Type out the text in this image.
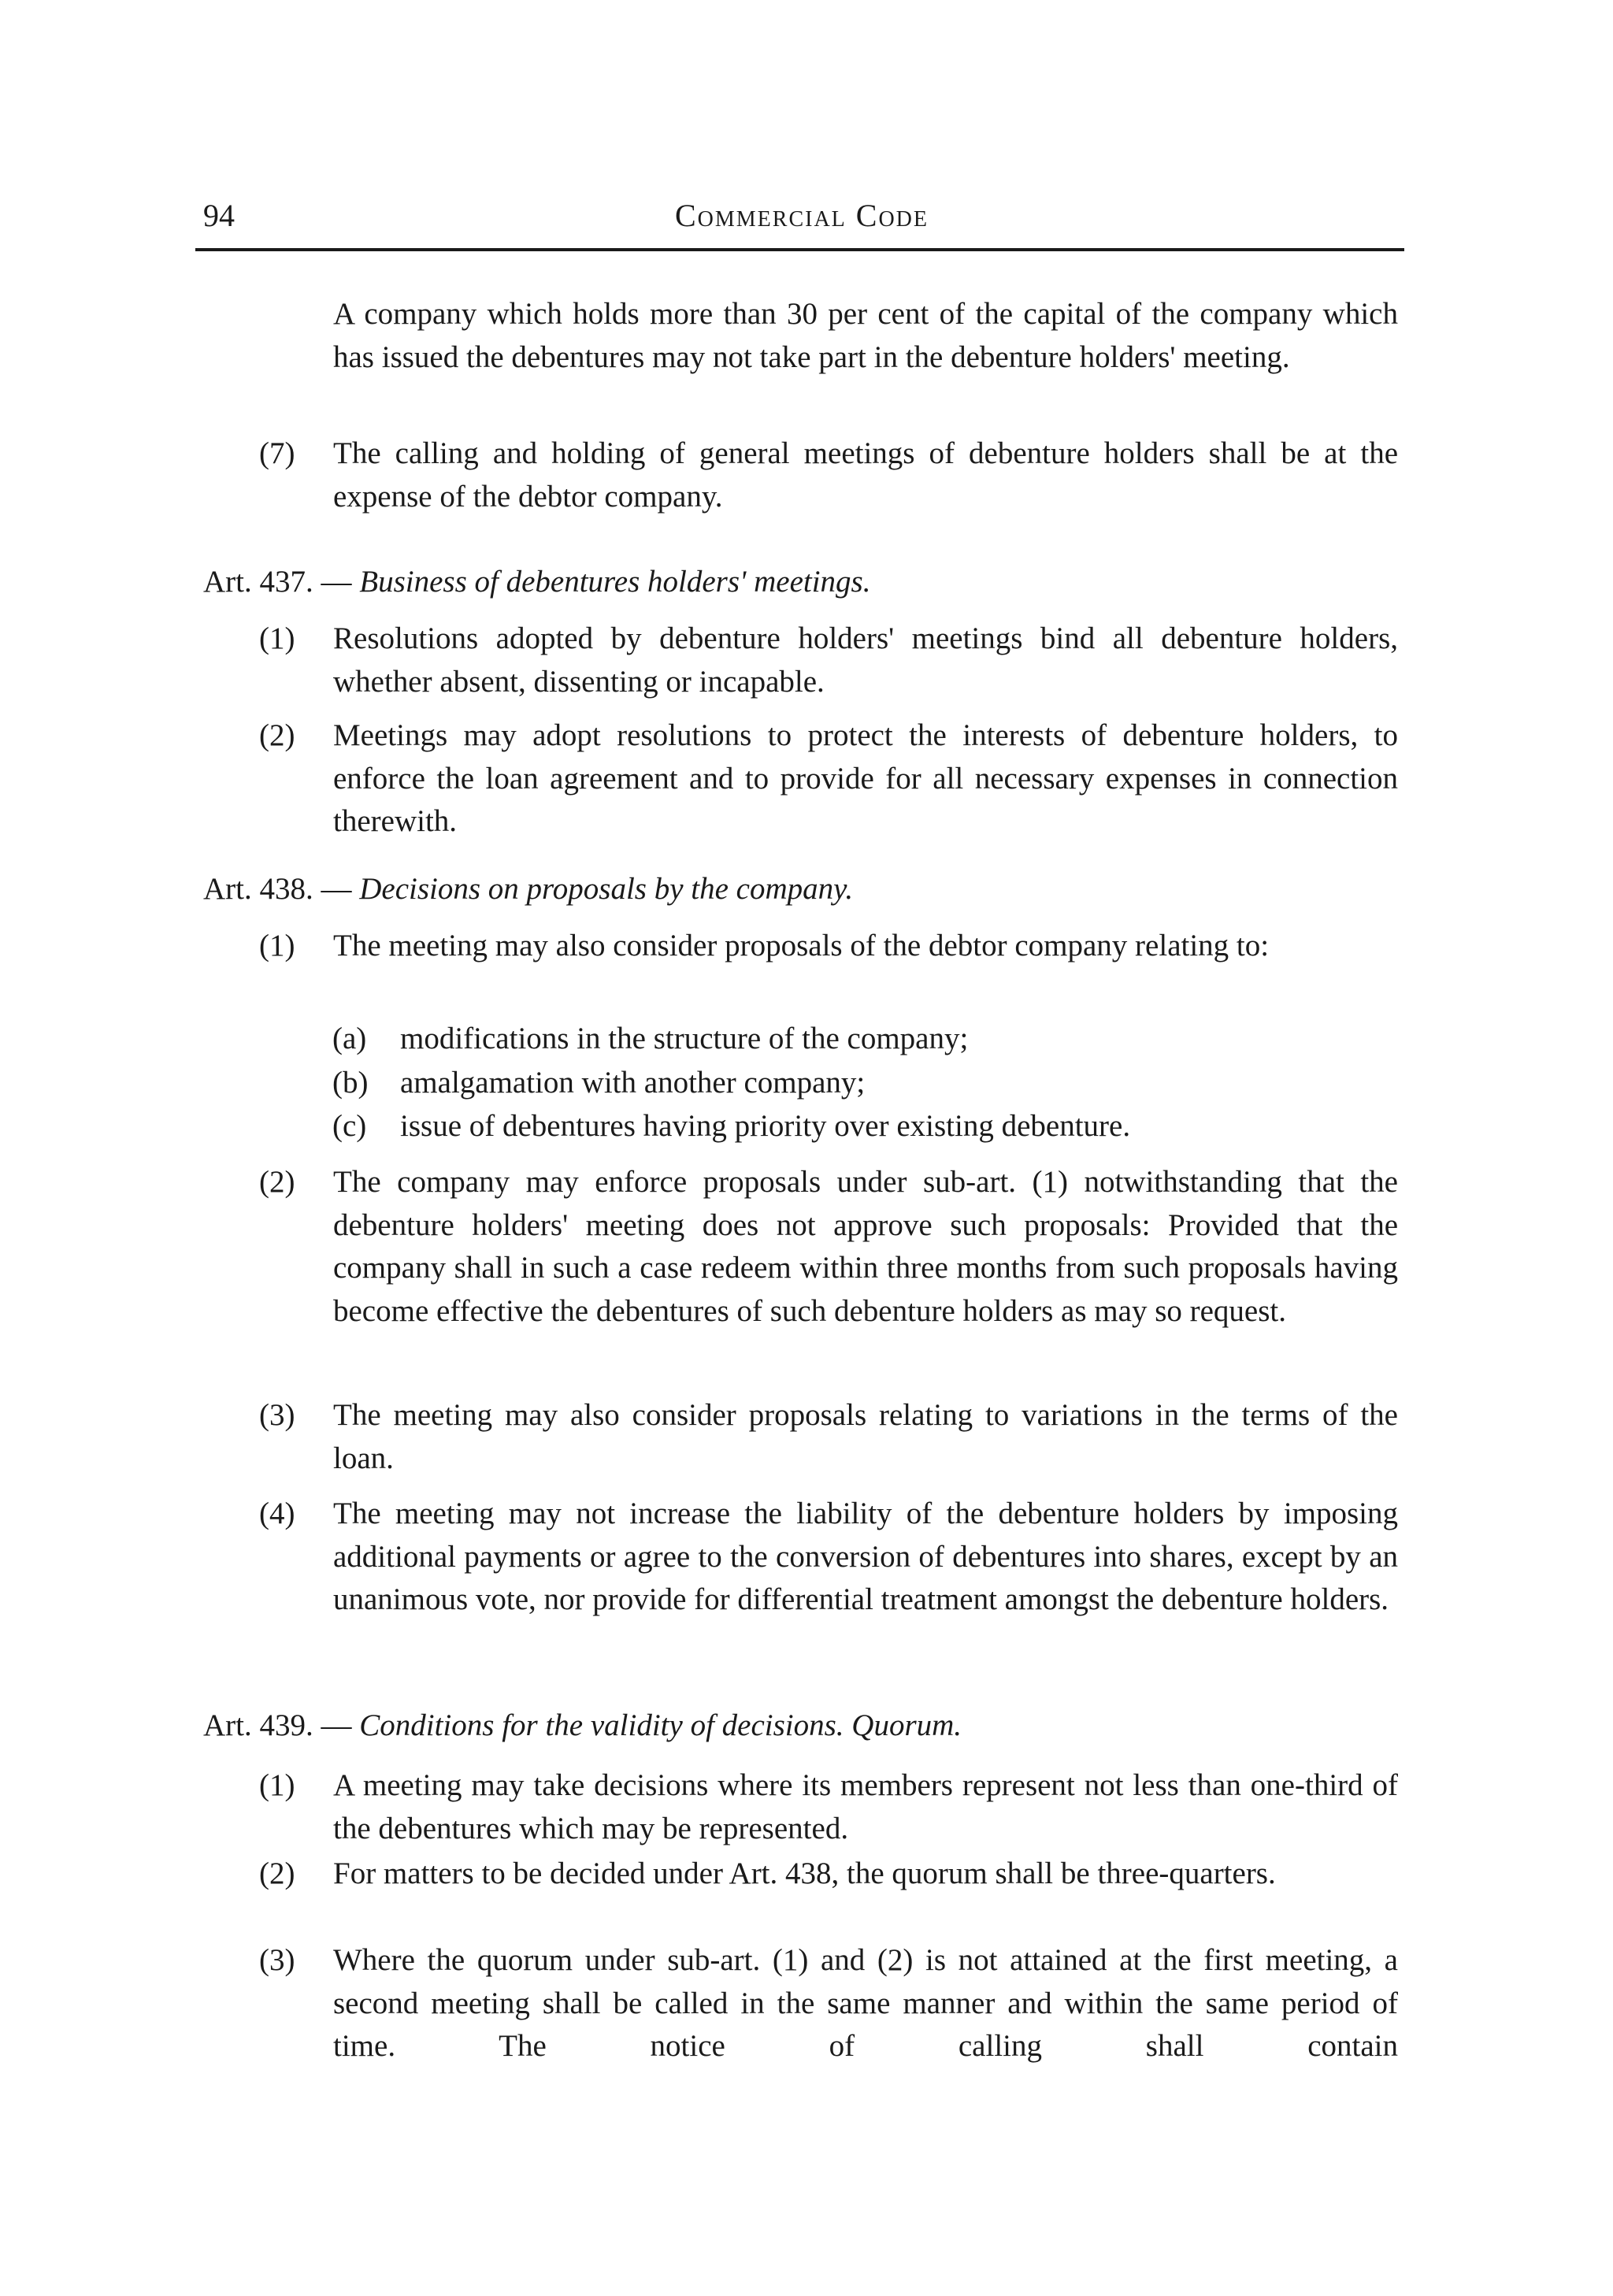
94	Commercial Code
A company which holds more than 30 per cent of the capital of the company which has issued the debentures may not take part in the debenture holders' meeting.
(7)	The calling and holding of general meetings of debenture holders shall be at the expense of the debtor company.
Art. 437. — Business of debentures holders' meetings.
(1)	Resolutions adopted by debenture holders' meetings bind all debenture holders, whether absent, dissenting or incapable.
(2)	Meetings may adopt resolutions to protect the interests of debenture holders, to enforce the loan agreement and to provide for all necessary expenses in connection therewith.
Art. 438. — Decisions on proposals by the company.
(1)	The meeting may also consider proposals of the debtor company relating to:
(a)	modifications in the structure of the company;
(b)	amalgamation with another company;
(c)	issue of debentures having priority over existing debenture.
(2)	The company may enforce proposals under sub-art. (1) notwithstanding that the debenture holders' meeting does not approve such proposals: Provided that the company shall in such a case redeem within three months from such proposals having become effective the debentures of such debenture holders as may so request.
(3)	The meeting may also consider proposals relating to variations in the terms of the loan.
(4)	The meeting may not increase the liability of the debenture holders by imposing additional payments or agree to the conversion of debentures into shares, except by an unanimous vote, nor provide for differential treatment amongst the debenture holders.
Art. 439. — Conditions for the validity of decisions. Quorum.
(1)	A meeting may take decisions where its members represent not less than one-third of the debentures which may be represented.
(2)	For matters to be decided under Art. 438, the quorum shall be three-quarters.
(3)	Where the quorum under sub-art. (1) and (2) is not attained at the first meeting, a second meeting shall be called in the same manner and within the same period of time. The notice of calling shall contain
